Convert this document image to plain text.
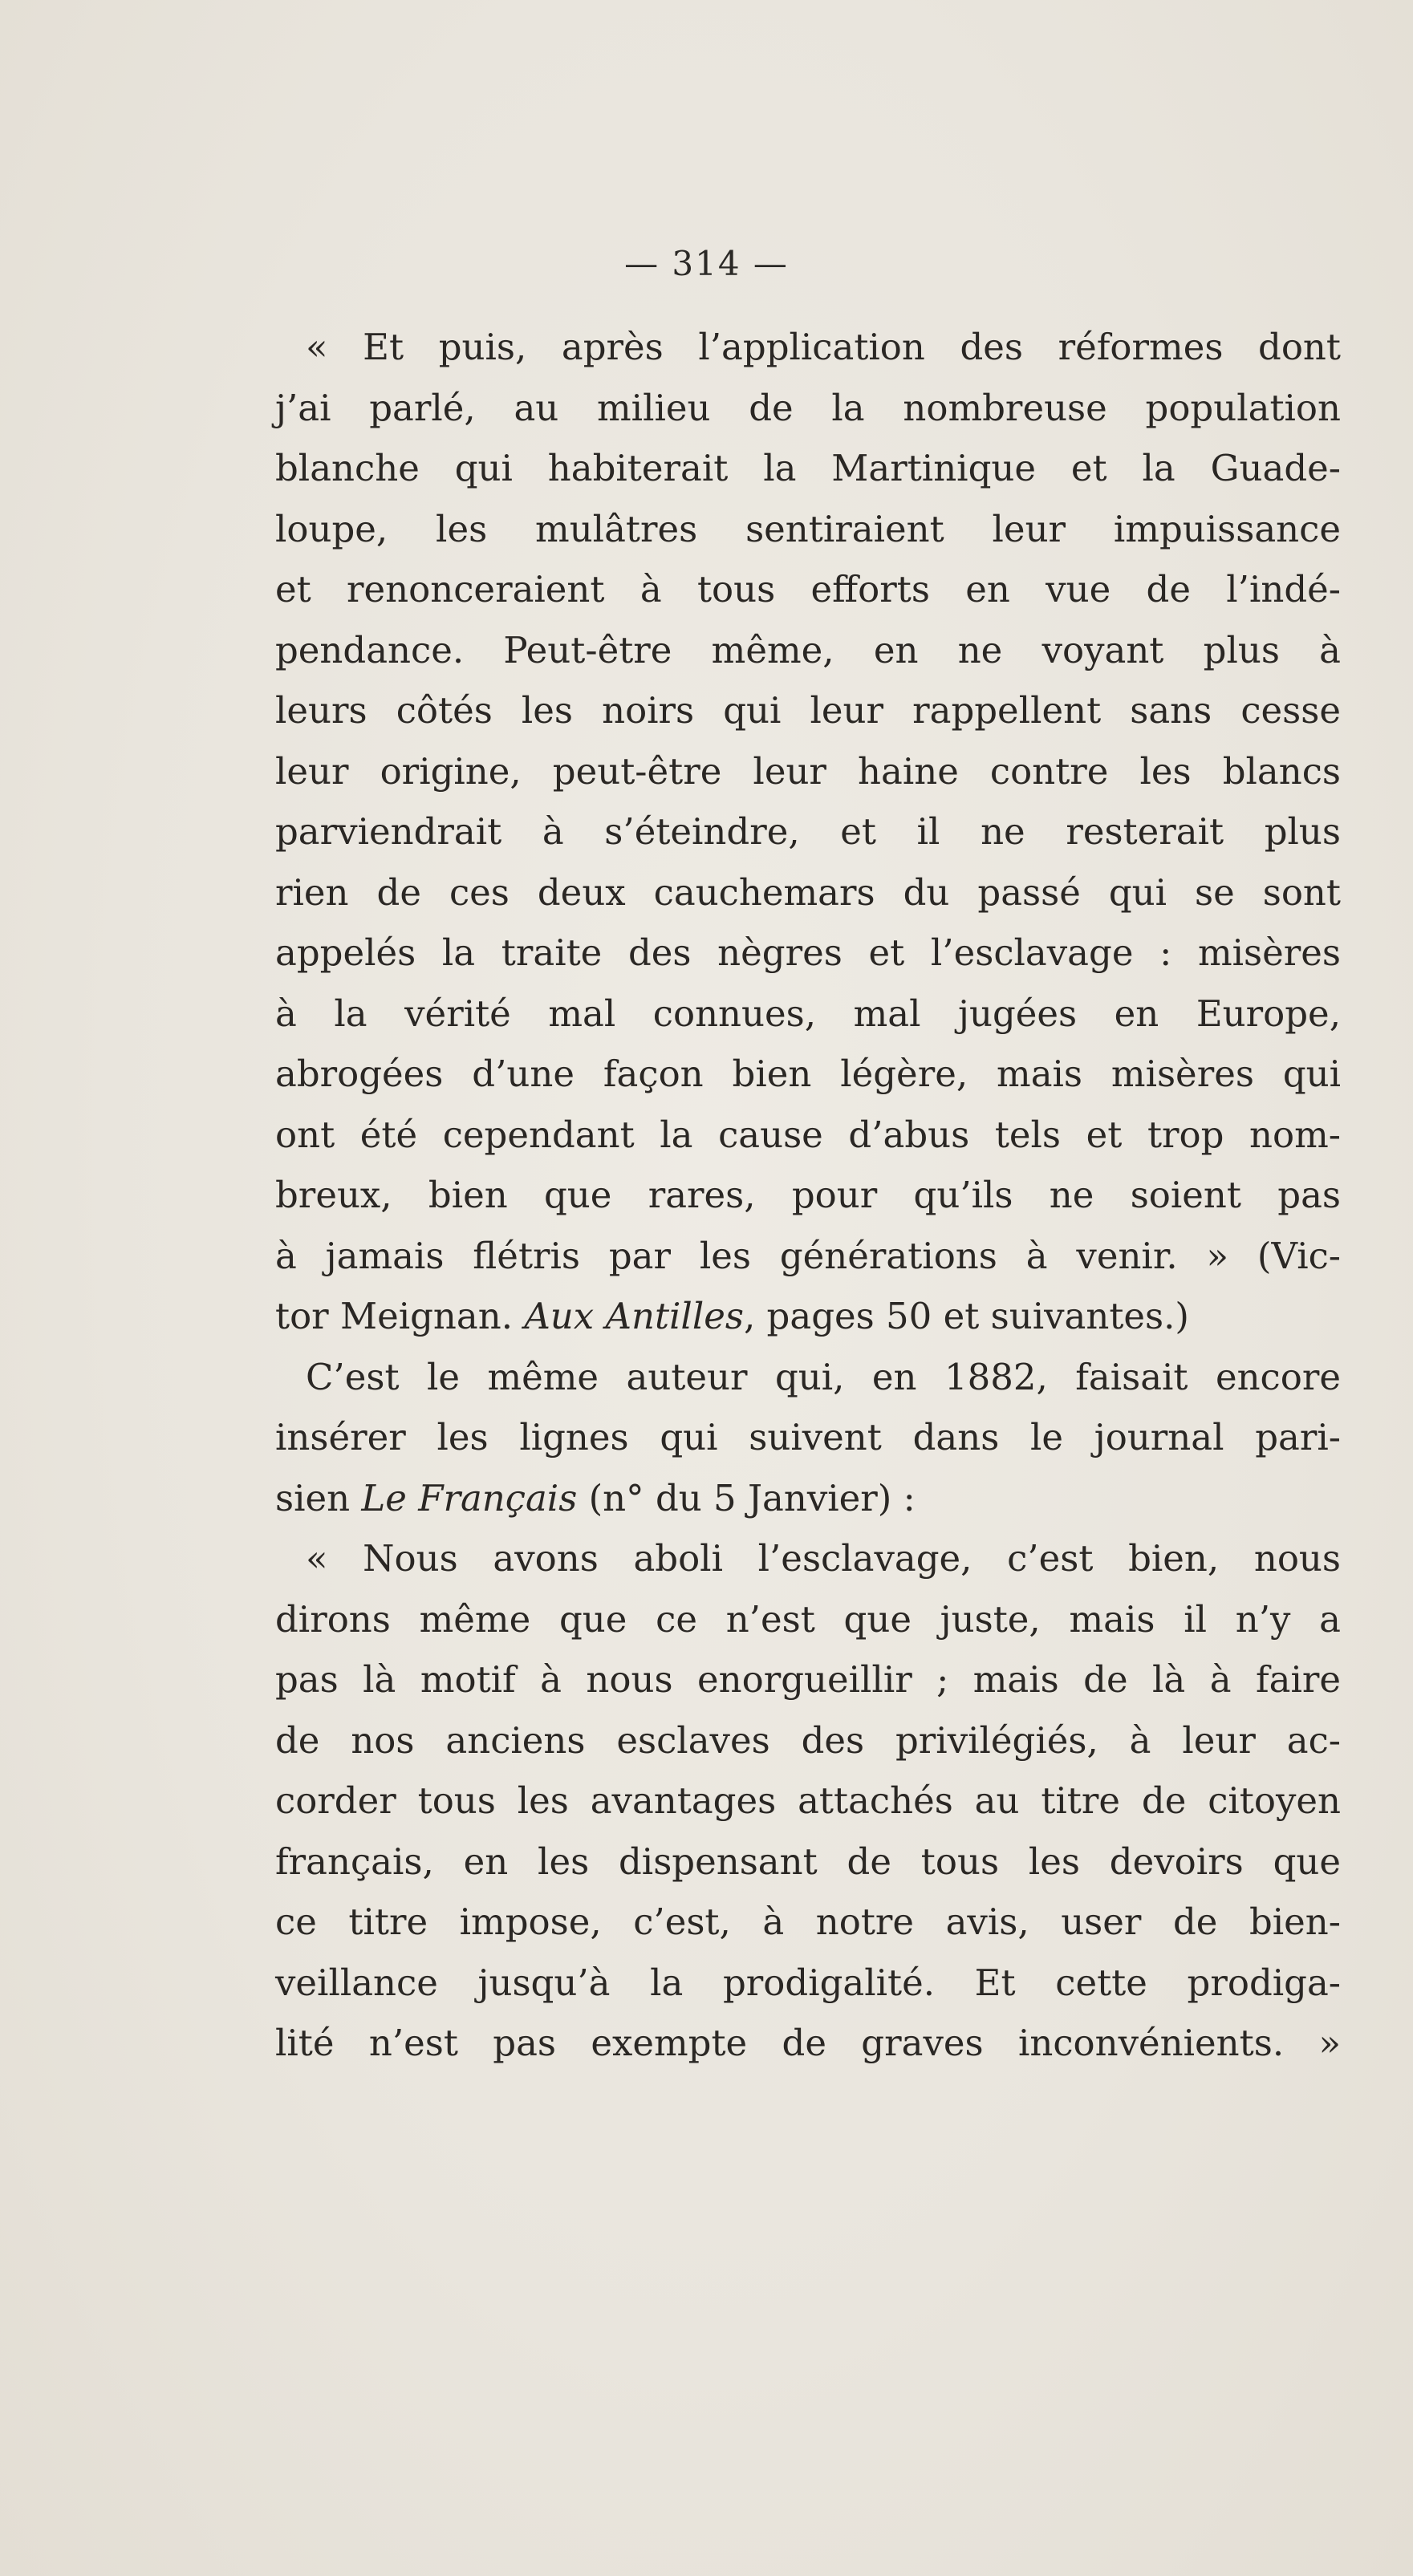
— 314 —
« Et puis, après l’application des réformes dont
j’ai parlé, au milieu de la nombreuse population
blanche qui habiterait la Martinique et la Guade-
loupe, les mulâtres sentiraient leur impuissance
et renonceraient à tous efforts en vue de l’indé-
pendance. Peut-être même, en ne voyant plus à
leurs côtés les noirs qui leur rappellent sans cesse
leur origine, peut-être leur haine contre les blancs
parviendrait à s’éteindre, et il ne resterait plus
rien de ces deux cauchemars du passé qui se sont
appelés la traite des nègres et l’esclavage : misères
à la vérité mal connues, mal jugées en Europe,
abrogées d’une façon bien légère, mais misères qui
ont été cependant la cause d’abus tels et trop nom-
breux, bien que rares, pour qu’ils ne soient pas
à jamais flétris par les générations à venir. » (Vic-
tor Meignan. Aux Antilles, pages 50 et suivantes.)
C’est le même auteur qui, en 1882, faisait encore
insérer les lignes qui suivent dans le journal pari-
sien Le Français (n° du 5 Janvier) :
« Nous avons aboli l’esclavage, c’est bien, nous
dirons même que ce n’est que juste, mais il n’y a
pas là motif à nous enorgueillir ; mais de là à faire
de nos anciens esclaves des privilégiés, à leur ac-
corder tous les avantages attachés au titre de citoyen
français, en les dispensant de tous les devoirs que
ce titre impose, c’est, à notre avis, user de bien-
veillance jusqu’à la prodigalité. Et cette prodiga-
lité n’est pas exempte de graves inconvénients. »
